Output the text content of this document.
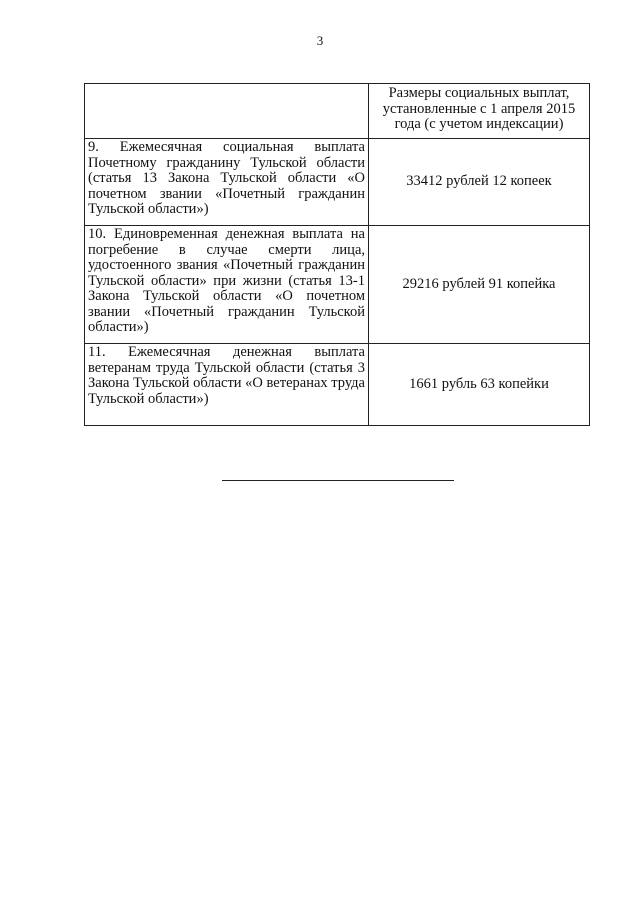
3
	Размеры социальных выплат, установленные с 1 апреля 2015 года (с учетом индексации)
9. Ежемесячная социальная выплата Почетному гражданину Тульской области (статья 13 Закона Тульской области «О почетном звании «Почетный гражданин Тульской области»)	33412 рублей 12 копеек
10. Единовременная денежная выплата на погребение в случае смерти лица, удостоенного звания «Почетный гражданин Тульской области» при жизни (статья 13-1 Закона Тульской области «О почетном звании «Почетный гражданин Тульской области»)	29216 рублей 91 копейка
11. Ежемесячная денежная выплата ветеранам труда Тульской области (статья 3 Закона Тульской области «О ветеранах труда Тульской области»)	1661 рубль 63 копейки
